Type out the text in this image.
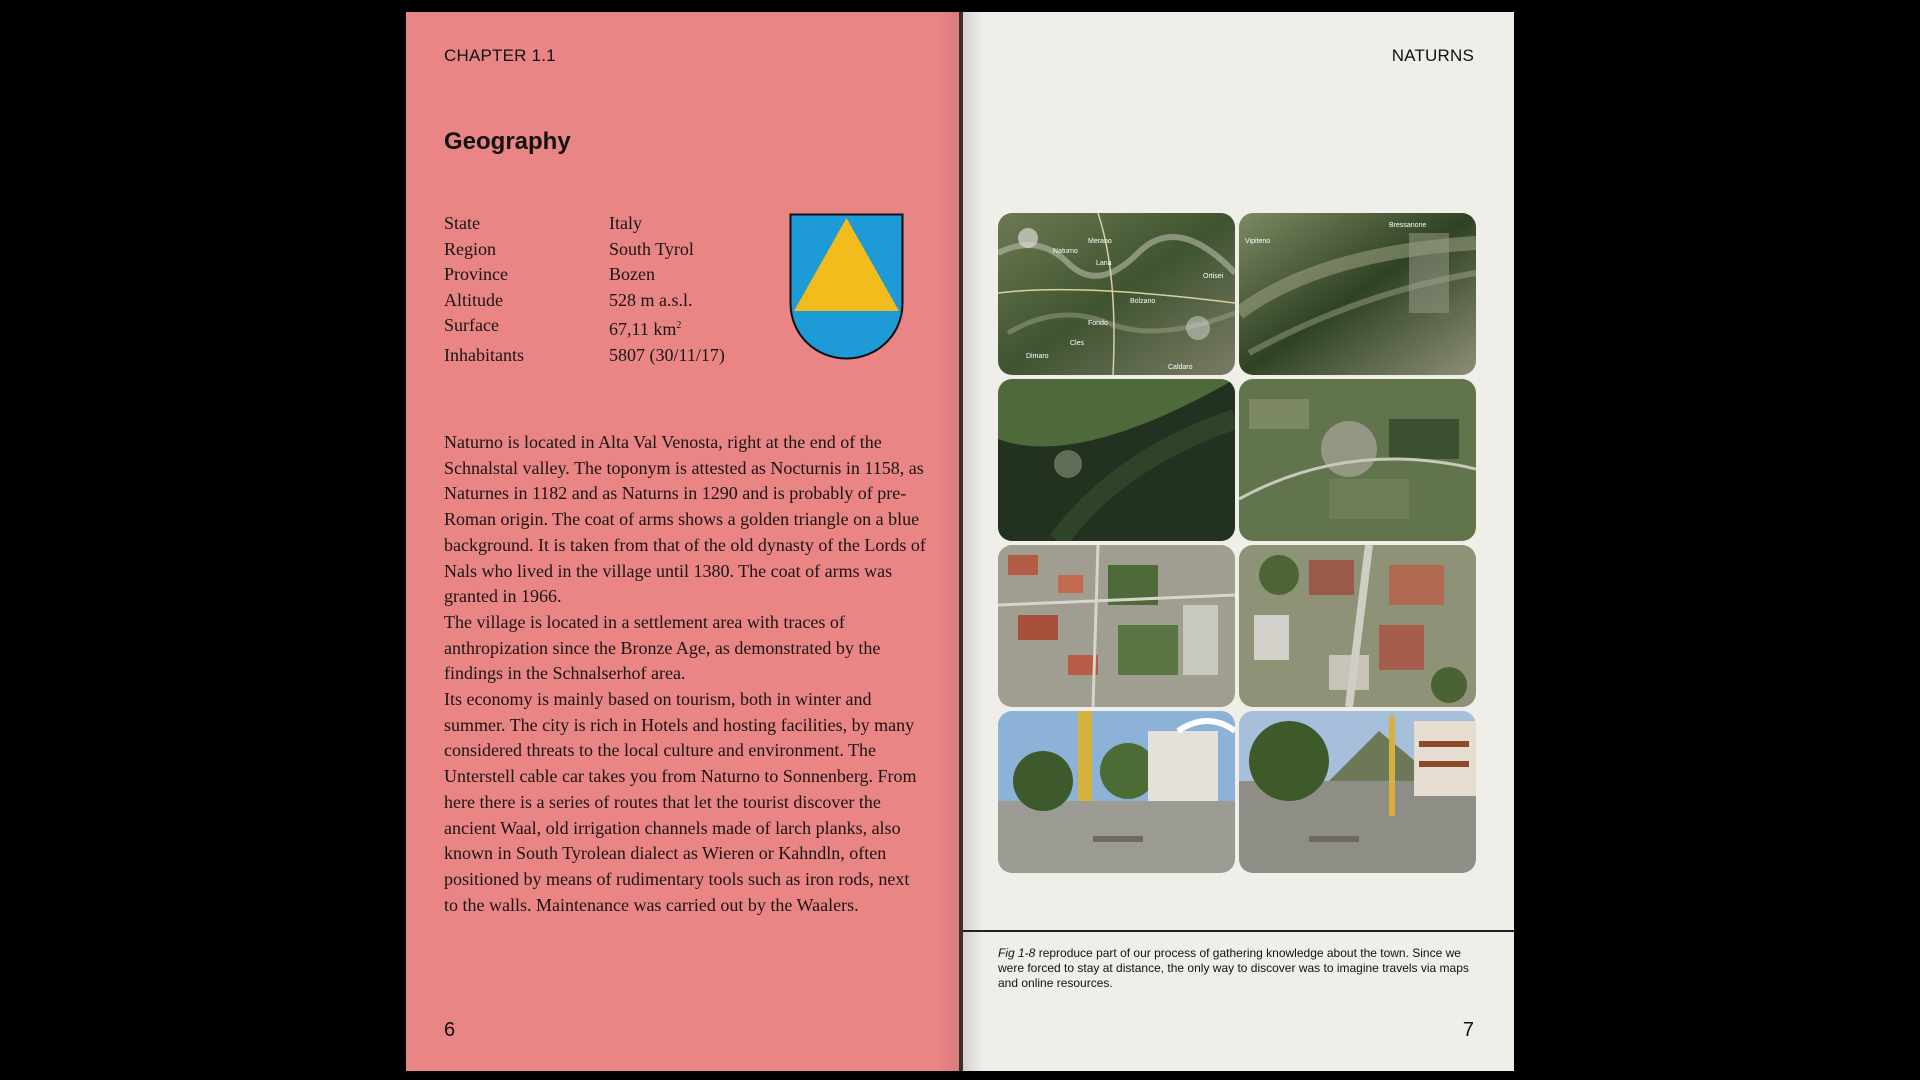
CHAPTER 1.1
Geography
State	Italy
Region	South Tyrol
Province	Bozen
Altitude	528 m a.s.l.
Surface	67,11 $km^2$
Inhabitants	5807 (30/11/17)

Naturno is located in Alta Val Venosta, right at the end of the Schnalstal valley. The toponym is attested as Nocturnis in 1158, as Naturnes in 1182 and as Naturns in 1290 and is probably of pre-Roman origin. The coat of arms shows a golden triangle on a blue background. It is taken from that of the old dynasty of the Lords of Nals who lived in the village until 1380. The coat of arms was granted in 1966.

The village is located in a settlement area with traces of anthropization since the Bronze Age, as demonstrated by the findings in the Schnalserhof area.

Its economy is mainly based on tourism, both in winter and summer. The city is rich in Hotels and hosting facilities, by many considered threats to the local culture and environment. The Unterstell cable car takes you from Naturno to Sonnenberg. From here there is a series of routes that let the tourist discover the ancient Waal, old irrigation channels made of larch planks, also known in South Tyrolean dialect as Wieren or Kahndln, often positioned by means of rudimentary tools such as iron rods, next to the walls. Maintenance was carried out by the Waalers.

6
NATURNS
Naturno
Merano
Lana
Bolzano
Fondo
Cles
Dimaro
Caldaro
Ortisei
Bressanone
Vipiteno

Fig 1-8 reproduce part of our process of gathering knowledge about the town. Since we were forced to stay at distance, the only way to discover was to imagine travels via maps and online resources.

7
